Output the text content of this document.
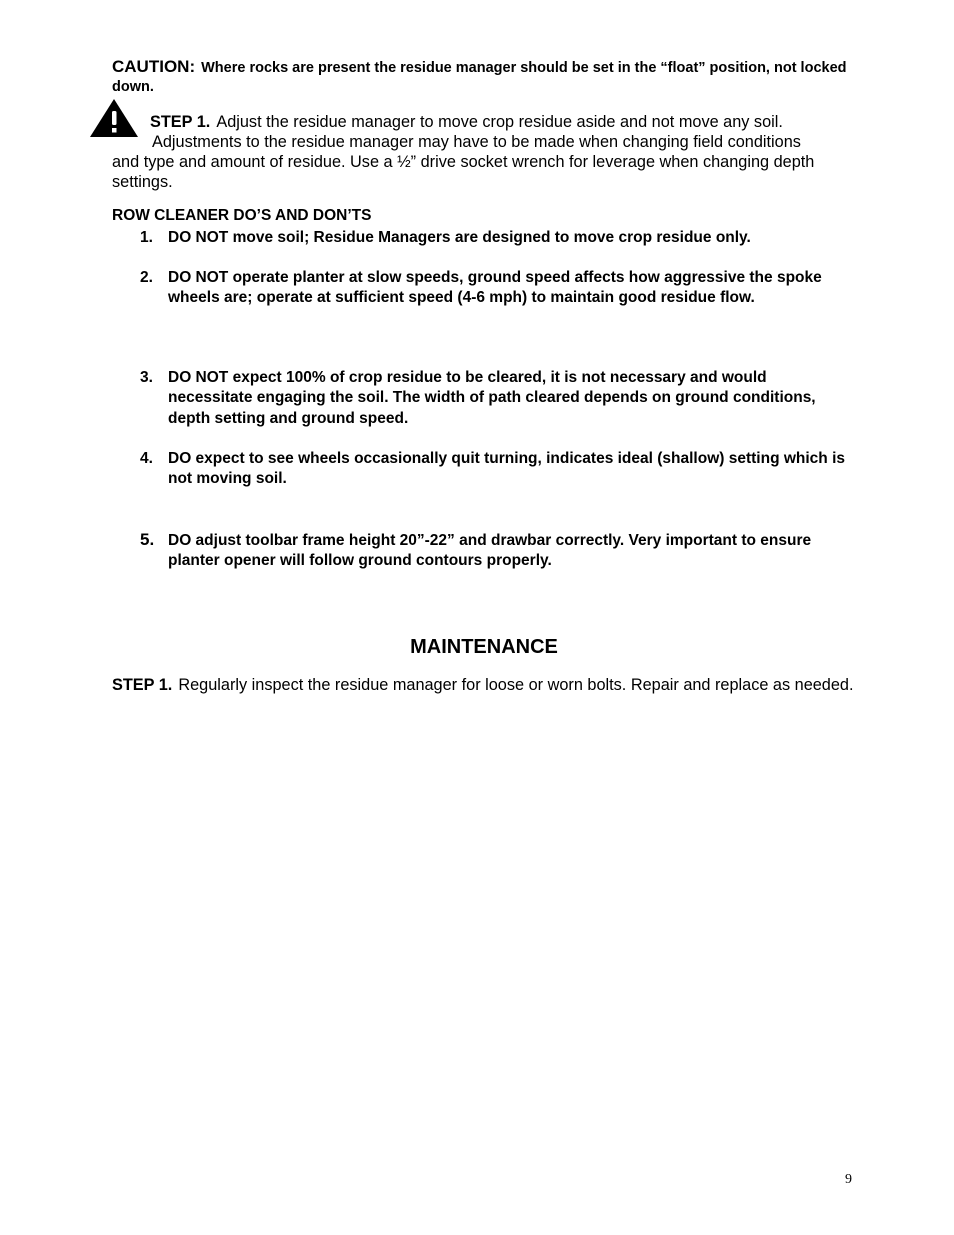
CAUTION: Where rocks are present the residue manager should be set in the “float” position, not locked down.
STEP 1. Adjust the residue manager to move crop residue aside and not move any soil.
Adjustments to the residue manager may have to be made when changing field conditions
and type and amount of residue. Use a ½” drive socket wrench for leverage when changing depth settings.
ROW CLEANER DO’S AND DON’TS
1. DO NOT move soil; Residue Managers are designed to move crop residue only.
2. DO NOT operate planter at slow speeds, ground speed affects how aggressive the spoke wheels are; operate at sufficient speed (4-6 mph) to maintain good residue flow.
3. DO NOT expect 100% of crop residue to be cleared, it is not necessary and would necessitate engaging the soil. The width of path cleared depends on ground conditions, depth setting and ground speed.
4. DO expect to see wheels occasionally quit turning, indicates ideal (shallow) setting which is not moving soil.
5. DO adjust toolbar frame height 20”-22” and drawbar correctly. Very important to ensure planter opener will follow ground contours properly.
MAINTENANCE
STEP 1. Regularly inspect the residue manager for loose or worn bolts. Repair and replace as needed.
9
